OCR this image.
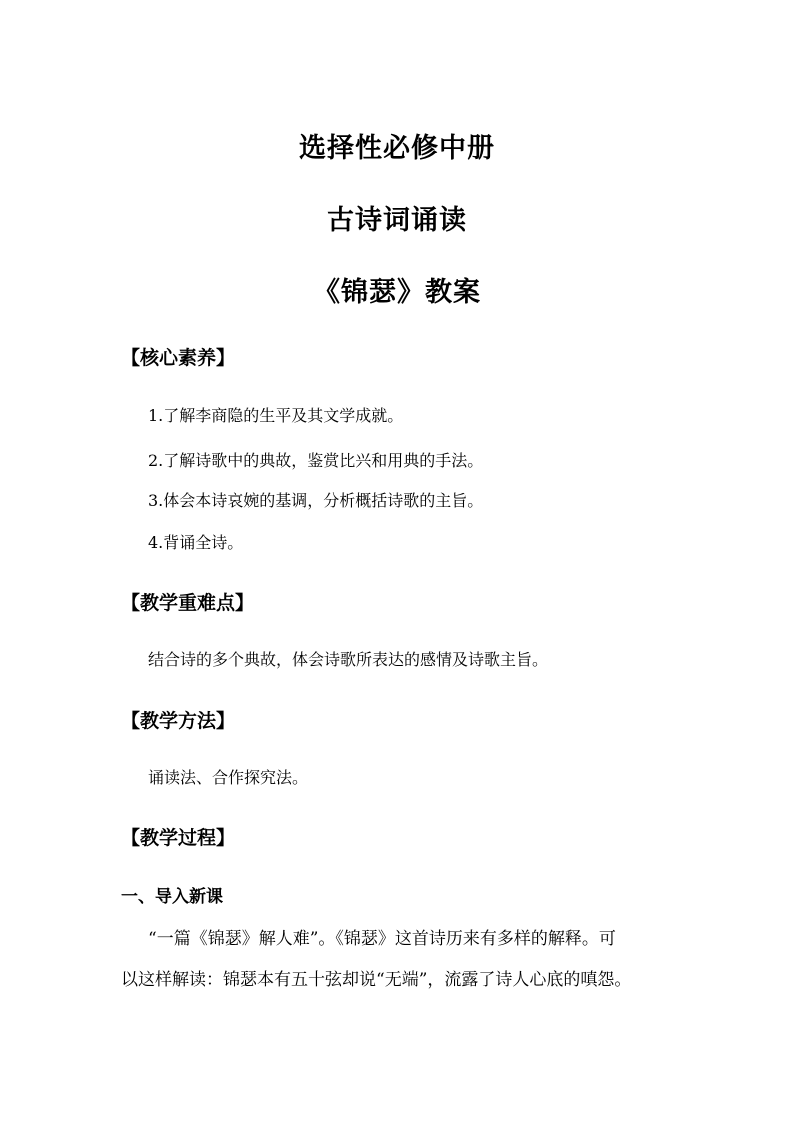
选择性必修中册
古诗词诵读
《锦瑟》教案
【核心素养】
1.了解李商隐的生平及其文学成就。
2.了解诗歌中的典故，鉴赏比兴和用典的手法。
3.体会本诗哀婉的基调，分析概括诗歌的主旨。
4.背诵全诗。
【教学重难点】
结合诗的多个典故，体会诗歌所表达的感情及诗歌主旨。
【教学方法】
诵读法、合作探究法。
【教学过程】
一、导入新课
“一篇《锦瑟》解人难”。《锦瑟》这首诗历来有多样的解释。可
以这样解读：锦瑟本有五十弦却说“无端”，流露了诗人心底的嗔怨。
